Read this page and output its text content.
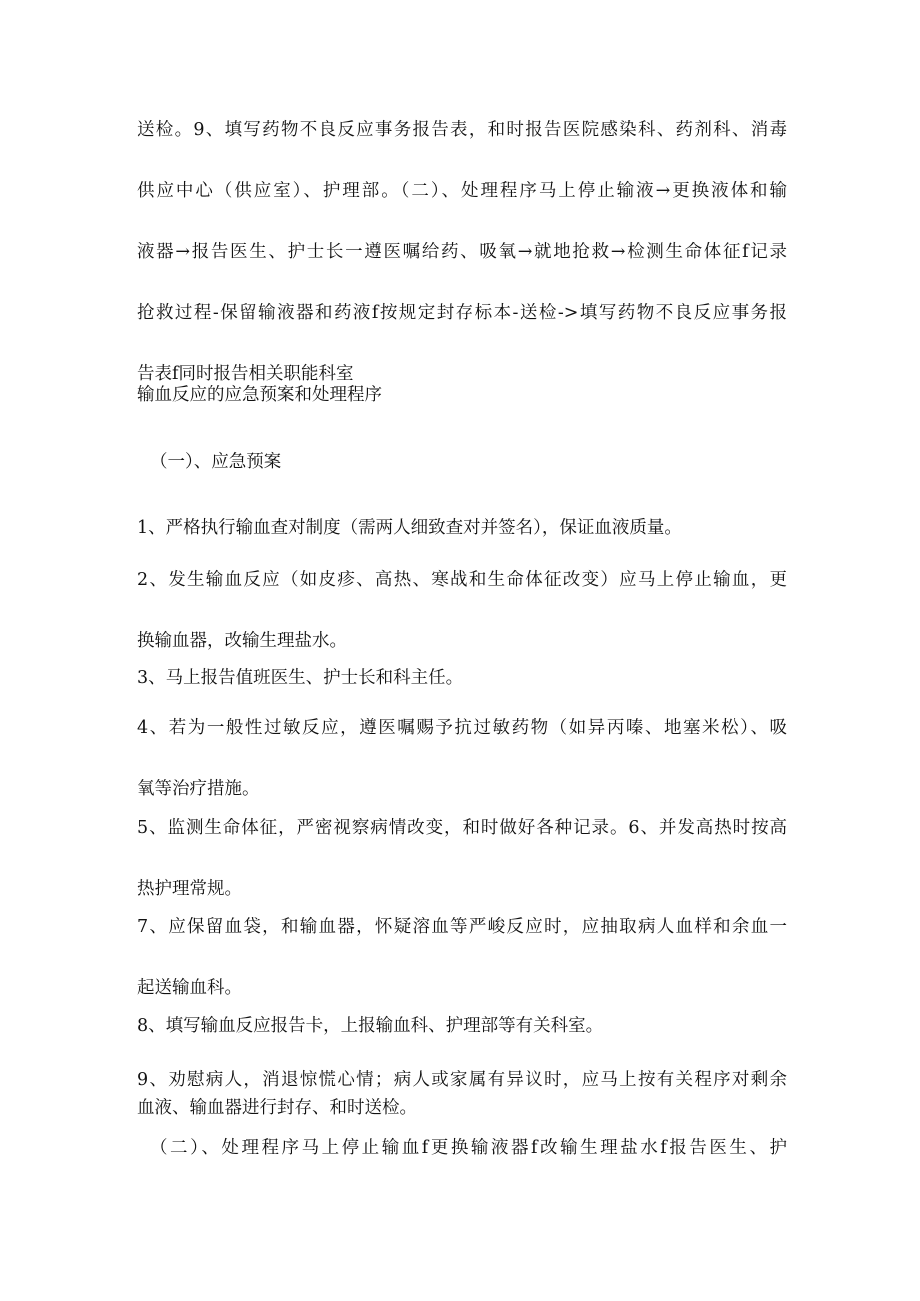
送检。9、填写药物不良反应事务报告表，和时报告医院感染科、药剂科、消毒
供应中心（供应室）、护理部。（二）、处理程序马上停止输液→更换液体和输
液器→报告医生、护士长一遵医嘱给药、吸氧→就地抢救→检测生命体征f记录
抢救过程-保留输液器和药液f按规定封存标本-送检->填写药物不良反应事务报
告表f同时报告相关职能科室

输血反应的应急预案和处理程序

（一）、应急预案

1、严格执行输血查对制度（需两人细致查对并签名），保证血液质量。
2、发生输血反应（如皮疹、高热、寒战和生命体征改变）应马上停止输血，更
换输血器，改输生理盐水。
3、马上报告值班医生、护士长和科主任。
4、若为一般性过敏反应，遵医嘱赐予抗过敏药物（如异丙嗪、地塞米松）、吸
氧等治疗措施。
5、监测生命体征，严密视察病情改变，和时做好各种记录。6、并发高热时按高
热护理常规。
7、应保留血袋，和输血器，怀疑溶血等严峻反应时，应抽取病人血样和余血一
起送输血科。
8、填写输血反应报告卡，上报输血科、护理部等有关科室。
9、劝慰病人，消退惊慌心情；病人或家属有异议时，应马上按有关程序对剩余
血液、输血器进行封存、和时送检。
（二）、处理程序马上停止输血f更换输液器f改输生理盐水f报告医生、护
